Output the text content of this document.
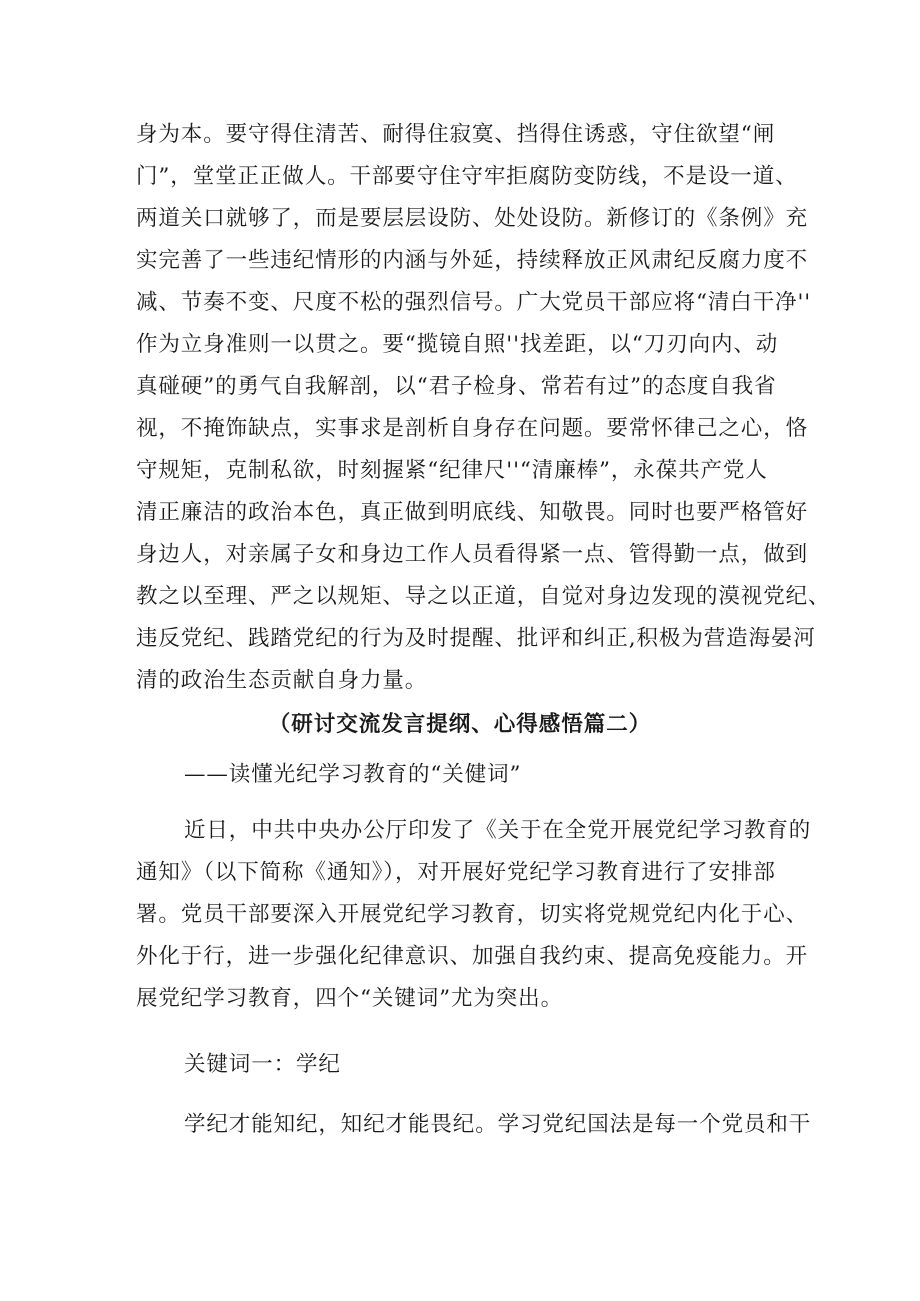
身为本。要守得住清苦、耐得住寂寞、挡得住诱惑，守住欲望“闸
门”，堂堂正正做人。干部要守住守牢拒腐防变防线，不是设一道、
两道关口就够了，而是要层层设防、处处设防。新修订的《条例》充
实完善了一些违纪情形的内涵与外延，持续释放正风肃纪反腐力度不
减、节奏不变、尺度不松的强烈信号。广大党员干部应将“清白干净''
作为立身准则一以贯之。要“揽镜自照''找差距，以“刀刃向内、动
真碰硬”的勇气自我解剖，以“君子检身、常若有过”的态度自我省
视，不掩饰缺点，实事求是剖析自身存在问题。要常怀律己之心，恪
守规矩，克制私欲，时刻握紧“纪律尺''“清廉棒”，永葆共产党人
清正廉洁的政治本色，真正做到明底线、知敬畏。同时也要严格管好
身边人，对亲属子女和身边工作人员看得紧一点、管得勤一点，做到
教之以至理、严之以规矩、导之以正道，自觉对身边发现的漠视党纪、
违反党纪、践踏党纪的行为及时提醒、批评和纠正,积极为营造海晏河
清的政治生态贡献自身力量。
（研讨交流发言提纲、心得感悟篇二）
——读懂光纪学习教育的“关健词”
近日，中共中央办公厅印发了《关于在全党开展党纪学习教育的
通知》（以下简称《通知》），对开展好党纪学习教育进行了安排部
署。党员干部要深入开展党纪学习教育，切实将党规党纪内化于心、
外化于行，进一步强化纪律意识、加强自我约束、提高免疫能力。开
展党纪学习教育，四个“关键词”尤为突出。
关键词一：学纪
学纪才能知纪，知纪才能畏纪。学习党纪国法是每一个党员和干
